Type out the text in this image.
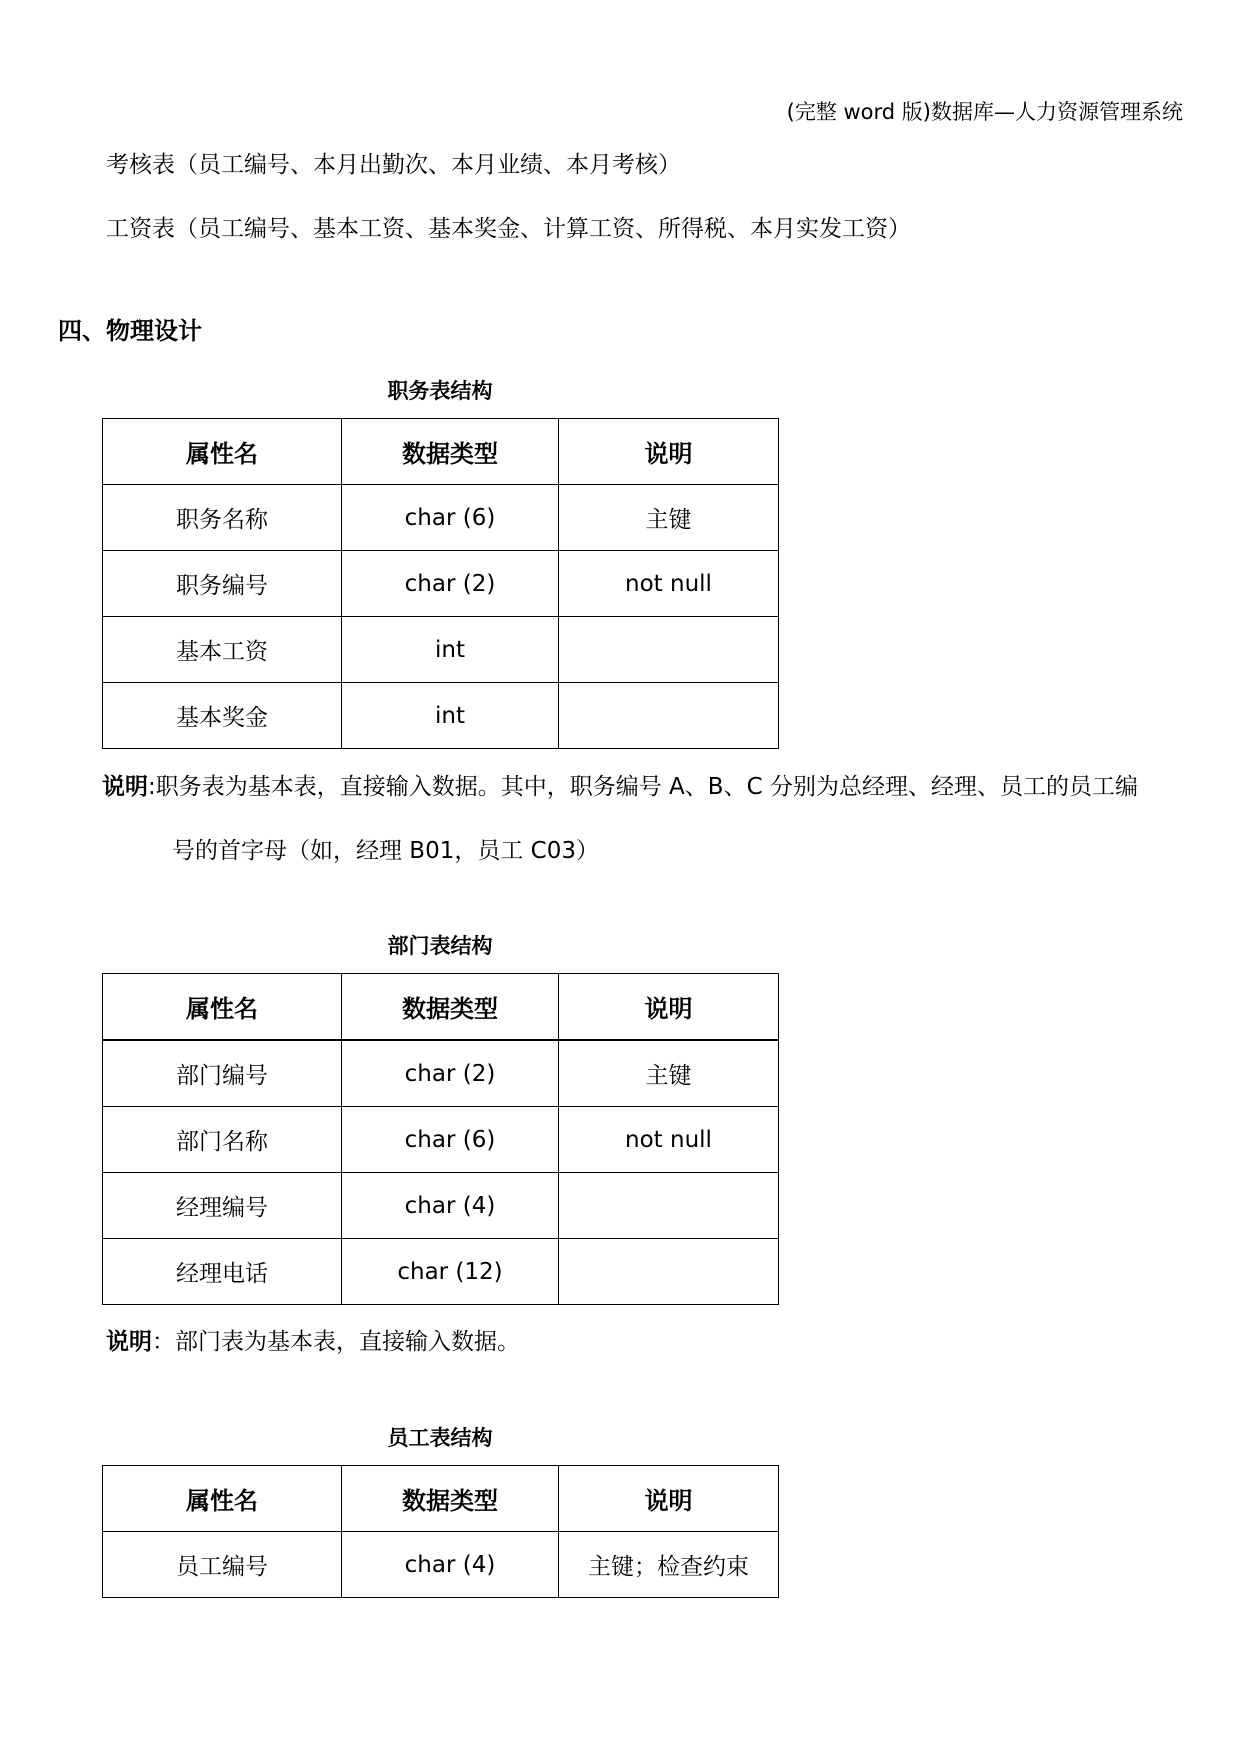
(完整 word 版)数据库—人力资源管理系统
考核表（员工编号、本月出勤次、本月业绩、本月考核）
工资表（员工编号、基本工资、基本奖金、计算工资、所得税、本月实发工资）
四、物理设计
职务表结构
属性名	数据类型	说明
职务名称	char (6)	主键
职务编号	char (2)	not null
基本工资	int	
基本奖金	int	
说明:职务表为基本表，直接输入数据。其中，职务编号 A、B、C 分别为总经理、经理、员工的员工编
号的首字母（如，经理 B01，员工 C03）
部门表结构
属性名	数据类型	说明
部门编号	char (2)	主键
部门名称	char (6)	not null
经理编号	char (4)	
经理电话	char (12)	
说明：部门表为基本表，直接输入数据。
员工表结构
属性名	数据类型	说明
员工编号	char (4)	主键；检查约束
